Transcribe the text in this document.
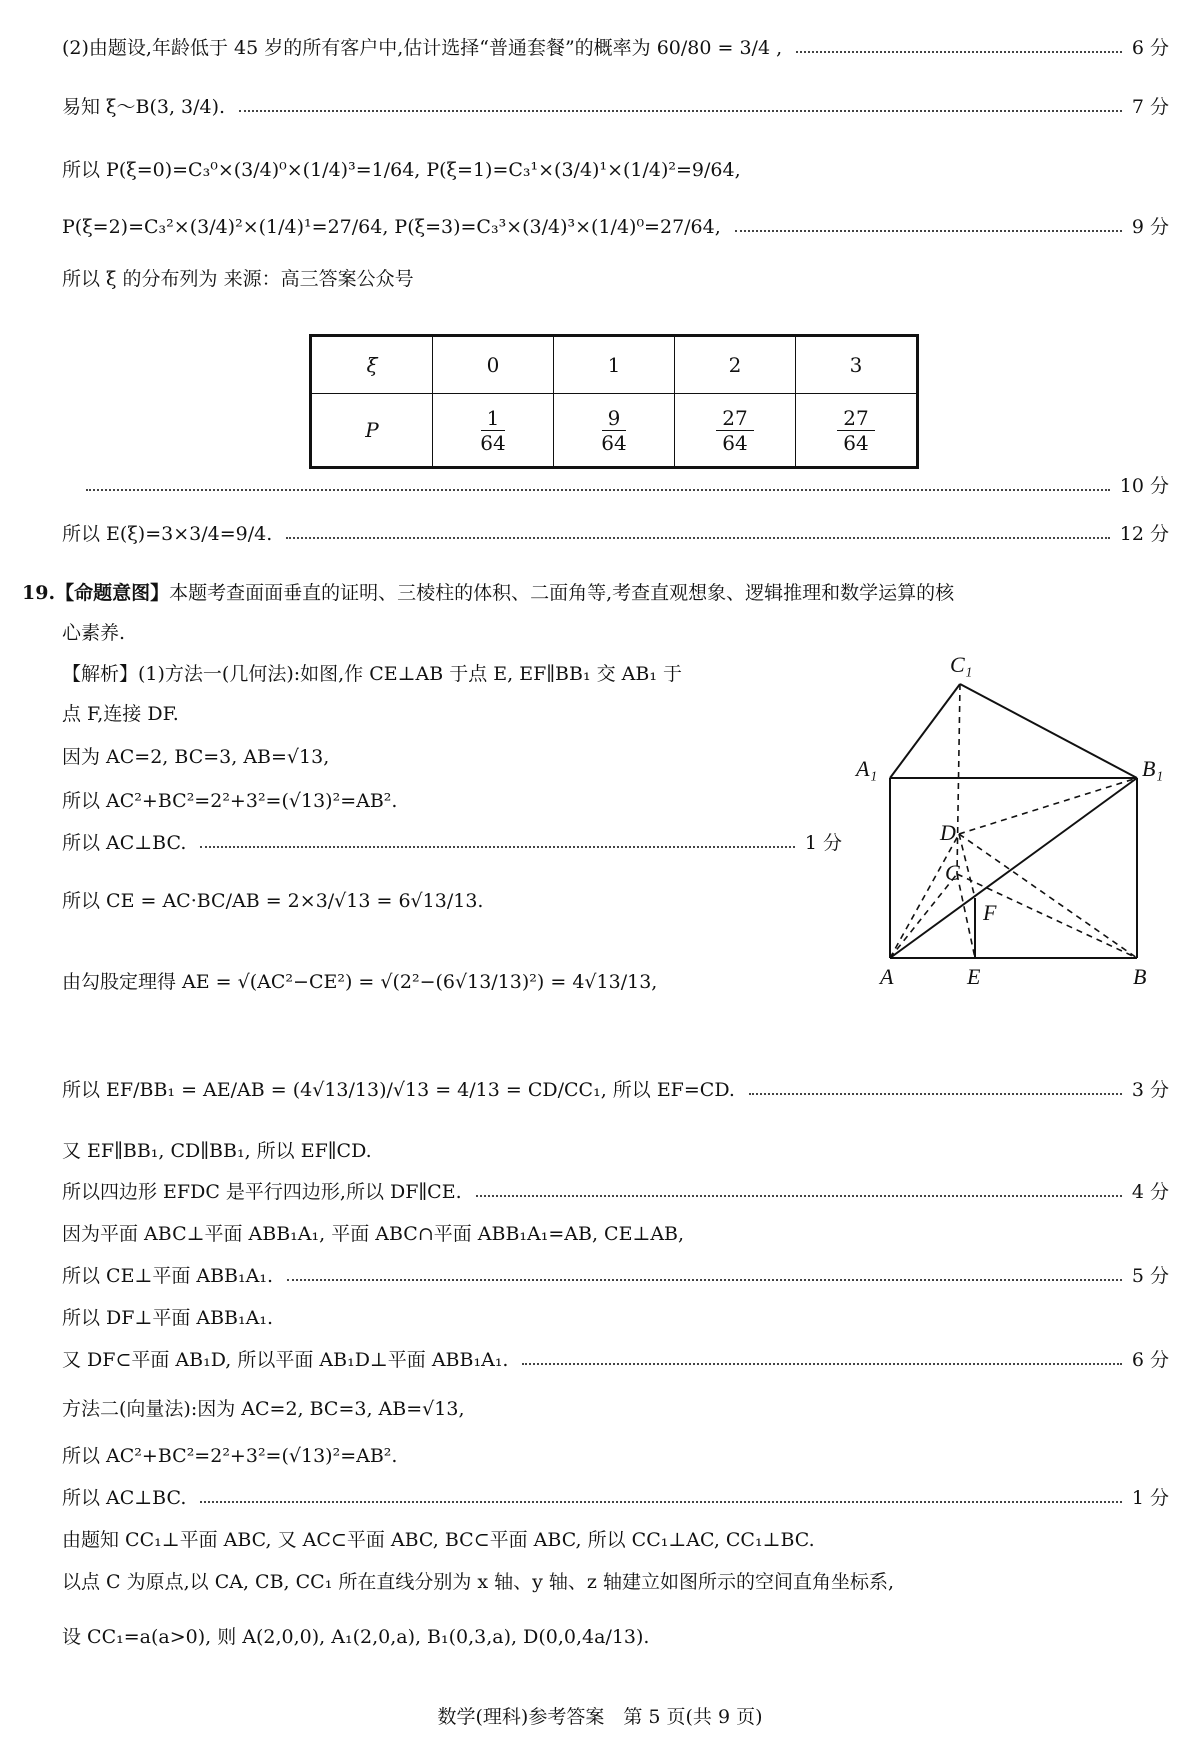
(2)由题设,年龄低于 45 岁的所有客户中,估计选择“普通套餐”的概率为 60/80 = 3/4 ,	6 分
易知 ξ～B(3, 3/4).	7 分
所以 P(ξ=0)=C₃⁰×(3/4)⁰×(1/4)³=1/64, P(ξ=1)=C₃¹×(3/4)¹×(1/4)²=9/64,
P(ξ=2)=C₃²×(3/4)²×(1/4)¹=27/64, P(ξ=3)=C₃³×(3/4)³×(1/4)⁰=27/64,	9 分
所以 ξ 的分布列为 来源：高三答案公众号
ξ	0	1	2	3
P	$\frac{1}{64}$	$\frac{9}{64}$	$\frac{27}{64}$	$\frac{27}{64}$
10 分
所以 E(ξ)=3×3/4=9/4.	12 分
19.【命题意图】本题考查面面垂直的证明、三棱柱的体积、二面角等,考查直观想象、逻辑推理和数学运算的核
心素养.
【解析】(1)方法一(几何法):如图,作 CE⊥AB 于点 E, EF∥BB₁ 交 AB₁ 于
点 F,连接 DF.
因为 AC=2, BC=3, AB=√13,
所以 AC²+BC²=2²+3²=(√13)²=AB².
所以 AC⊥BC.	1 分
所以 CE = AC·BC/AB = 2×3/√13 = 6√13/13.
由勾股定理得 AE = √(AC²−CE²) = √(2²−(6√13/13)²) = 4√13/13,
所以 EF/BB₁ = AE/AB = (4√13/13)/√13 = 4/13 = CD/CC₁, 所以 EF=CD.	3 分
又 EF∥BB₁, CD∥BB₁, 所以 EF∥CD.
所以四边形 EFDC 是平行四边形,所以 DF∥CE.	4 分
因为平面 ABC⊥平面 ABB₁A₁, 平面 ABC∩平面 ABB₁A₁=AB, CE⊥AB,
所以 CE⊥平面 ABB₁A₁.	5 分
所以 DF⊥平面 ABB₁A₁.
又 DF⊂平面 AB₁D, 所以平面 AB₁D⊥平面 ABB₁A₁.	6 分
方法二(向量法):因为 AC=2, BC=3, AB=√13,
所以 AC²+BC²=2²+3²=(√13)²=AB².
所以 AC⊥BC.	1 分
由题知 CC₁⊥平面 ABC, 又 AC⊂平面 ABC, BC⊂平面 ABC, 所以 CC₁⊥AC, CC₁⊥BC.
以点 C 为原点,以 CA, CB, CC₁ 所在直线分别为 x 轴、y 轴、z 轴建立如图所示的空间直角坐标系,
设 CC₁=a(a>0), 则 A(2,0,0), A₁(2,0,a), B₁(0,3,a), D(0,0,4a/13).
C₁
A₁	B₁
D
C
F
A	E	B
数学(理科)参考答案　第 5 页(共 9 页)
